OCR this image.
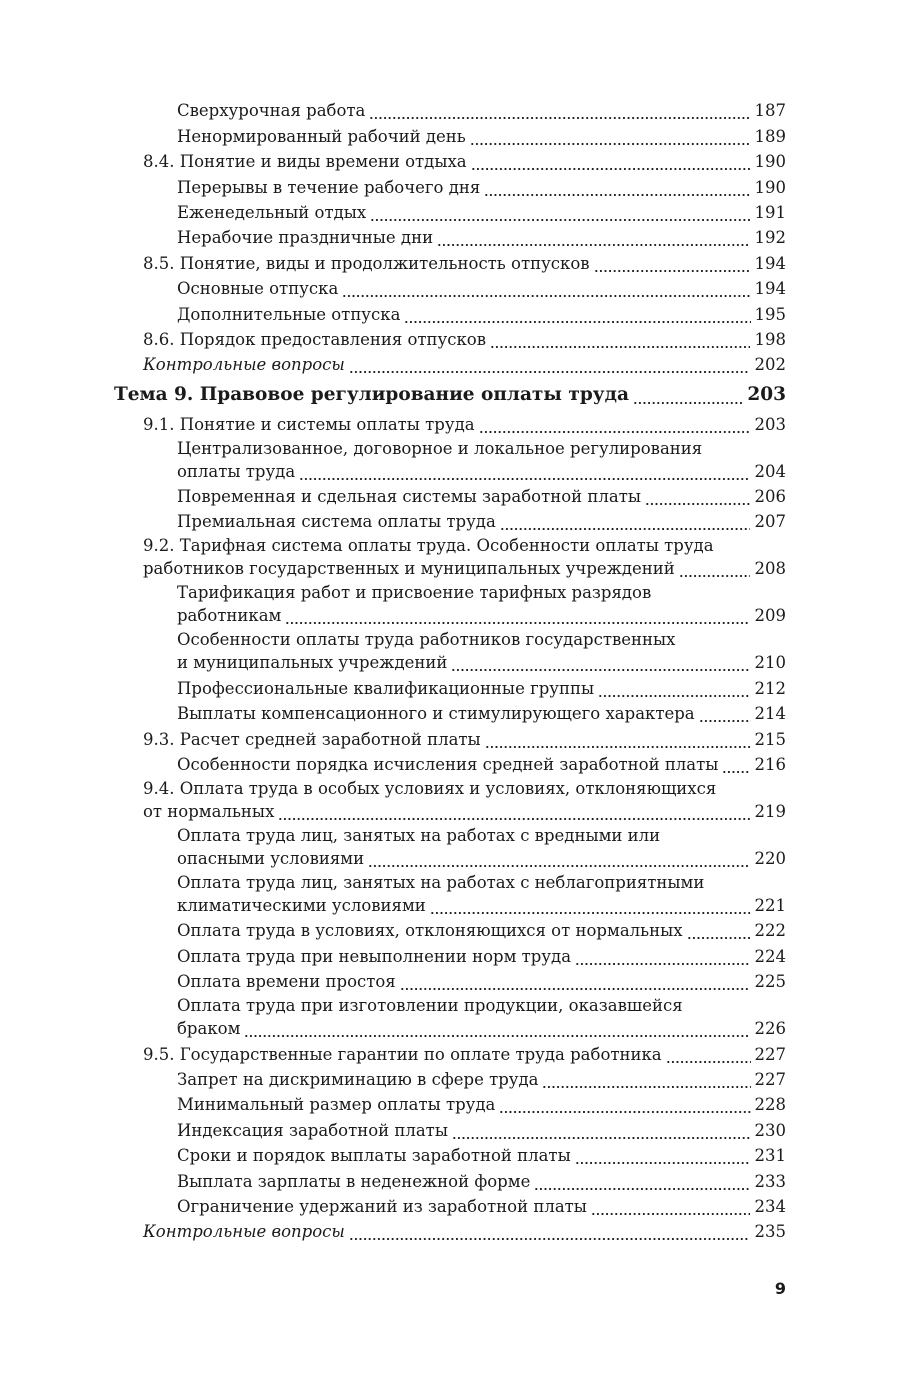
Сверхурочная работа	187
Ненормированный рабочий день	189
8.4. Понятие и виды времени отдыха	190
Перерывы в течение рабочего дня	190
Еженедельный отдых	191
Нерабочие праздничные дни	192
8.5. Понятие, виды и продолжительность отпусков	194
Основные отпуска	194
Дополнительные отпуска	195
8.6. Порядок предоставления отпусков	198
Контрольные вопросы	202
Тема 9. Правовое регулирование оплаты труда	203
9.1. Понятие и системы оплаты труда	203
Централизованное, договорное и локальное регулирования
оплаты труда	204
Повременная и сдельная системы заработной платы	206
Премиальная система оплаты труда	207
9.2. Тарифная система оплаты труда. Особенности оплаты труда
работников государственных и муниципальных учреждений	208
Тарификация работ и присвоение тарифных разрядов
работникам	209
Особенности оплаты труда работников государственных
и муниципальных учреждений	210
Профессиональные квалификационные группы	212
Выплаты компенсационного и стимулирующего характера	214
9.3. Расчет средней заработной платы	215
Особенности порядка исчисления средней заработной платы 216
9.4. Оплата труда в особых условиях и условиях, отклоняющихся
от нормальных	219
Оплата труда лиц, занятых на работах с вредными или
опасными условиями	220
Оплата труда лиц, занятых на работах с неблагоприятными
климатическими условиями	221
Оплата труда в условиях, отклоняющихся от нормальных	222
Оплата труда при невыполнении норм труда	224
Оплата времени простоя	225
Оплата труда при изготовлении продукции, оказавшейся
браком	226
9.5. Государственные гарантии по оплате труда работника	227
Запрет на дискриминацию в сфере труда	227
Минимальный размер оплаты труда	228
Индексация заработной платы	230
Сроки и порядок выплаты заработной платы	231
Выплата зарплаты в неденежной форме	233
Ограничение удержаний из заработной платы	234
Контрольные вопросы	235
9
